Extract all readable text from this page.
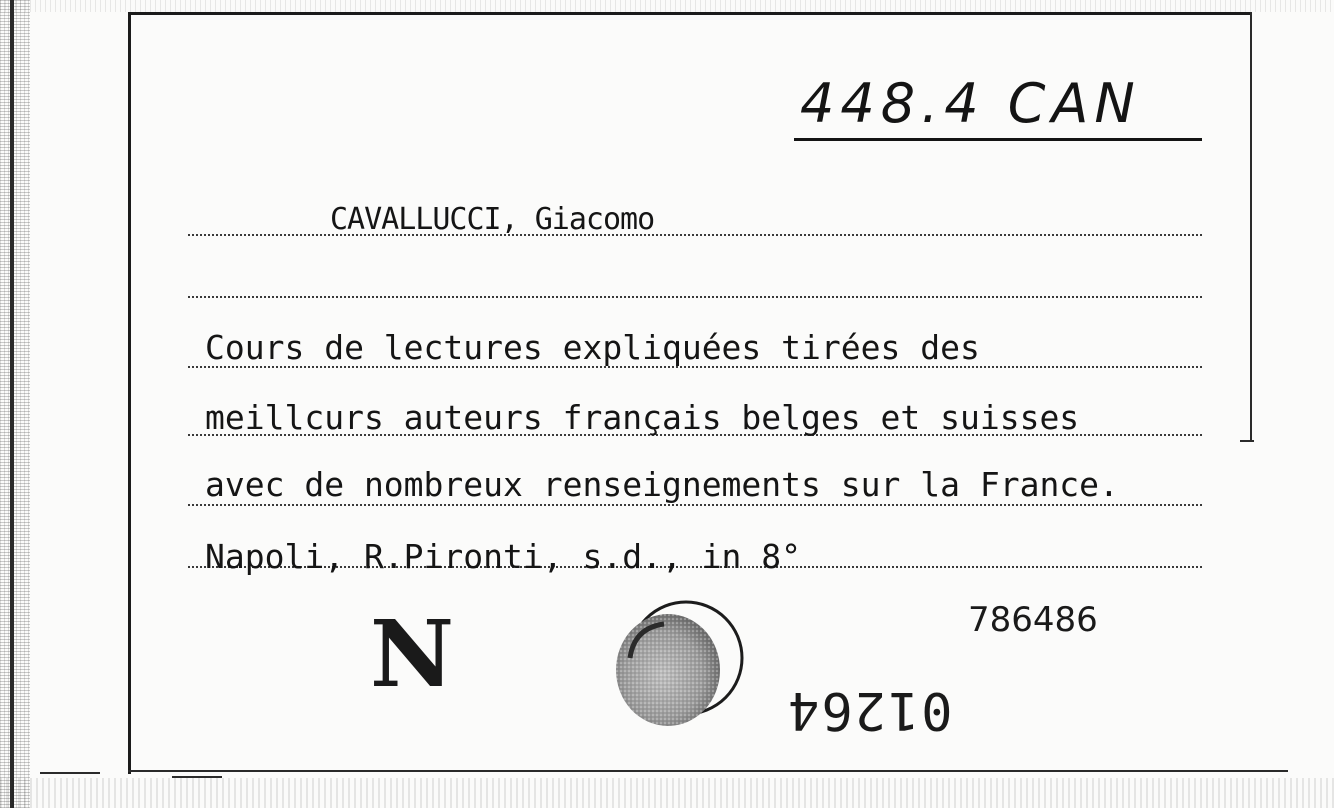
448.4 CAN
CAVALLUCCI, Giacomo
Cours de lectures expliquées tirées des
meillcurs auteurs français belges et suisses
avec de nombreux renseignements sur la France.
Napoli, R.Pironti, s.d., in 8°
786486
N
01264
